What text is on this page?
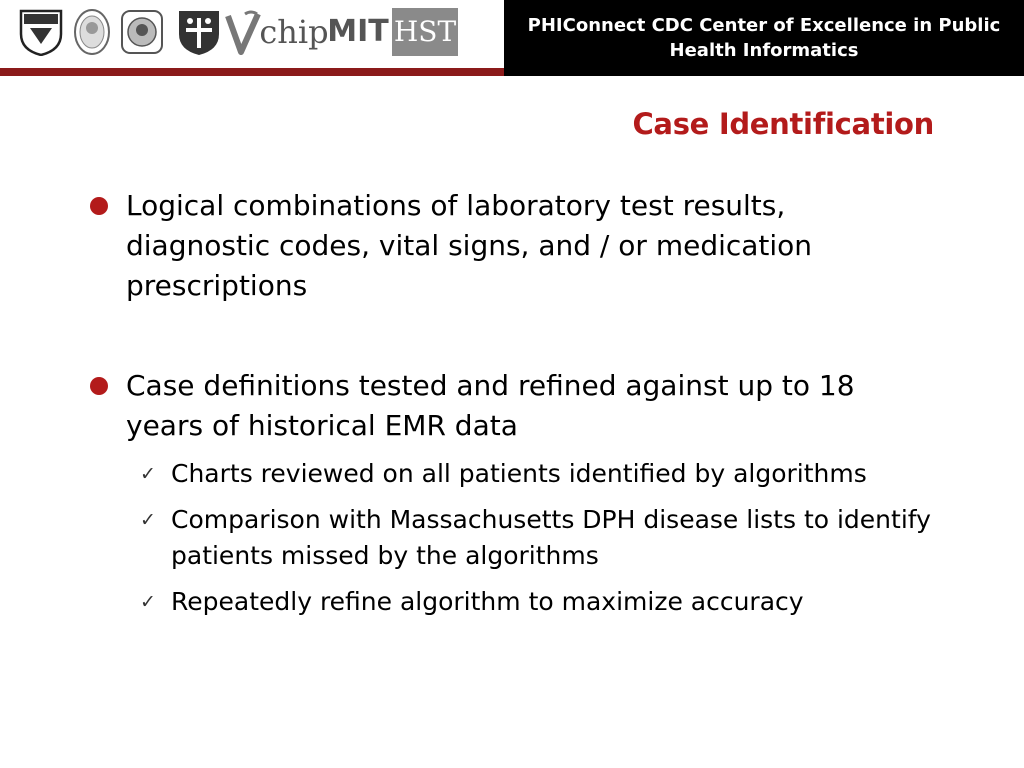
chip
MIT HST	PHIConnect CDC Center of Excellence in Public Health Informatics
Case Identification
Logical combinations of laboratory test results, diagnostic codes, vital signs, and / or medication prescriptions
Case definitions tested and refined against up to 18 years of historical EMR data
✓ Charts reviewed on all patients identified by algorithms
✓ Comparison with Massachusetts DPH disease lists to identify patients missed by the algorithms
✓ Repeatedly refine algorithm to maximize accuracy
